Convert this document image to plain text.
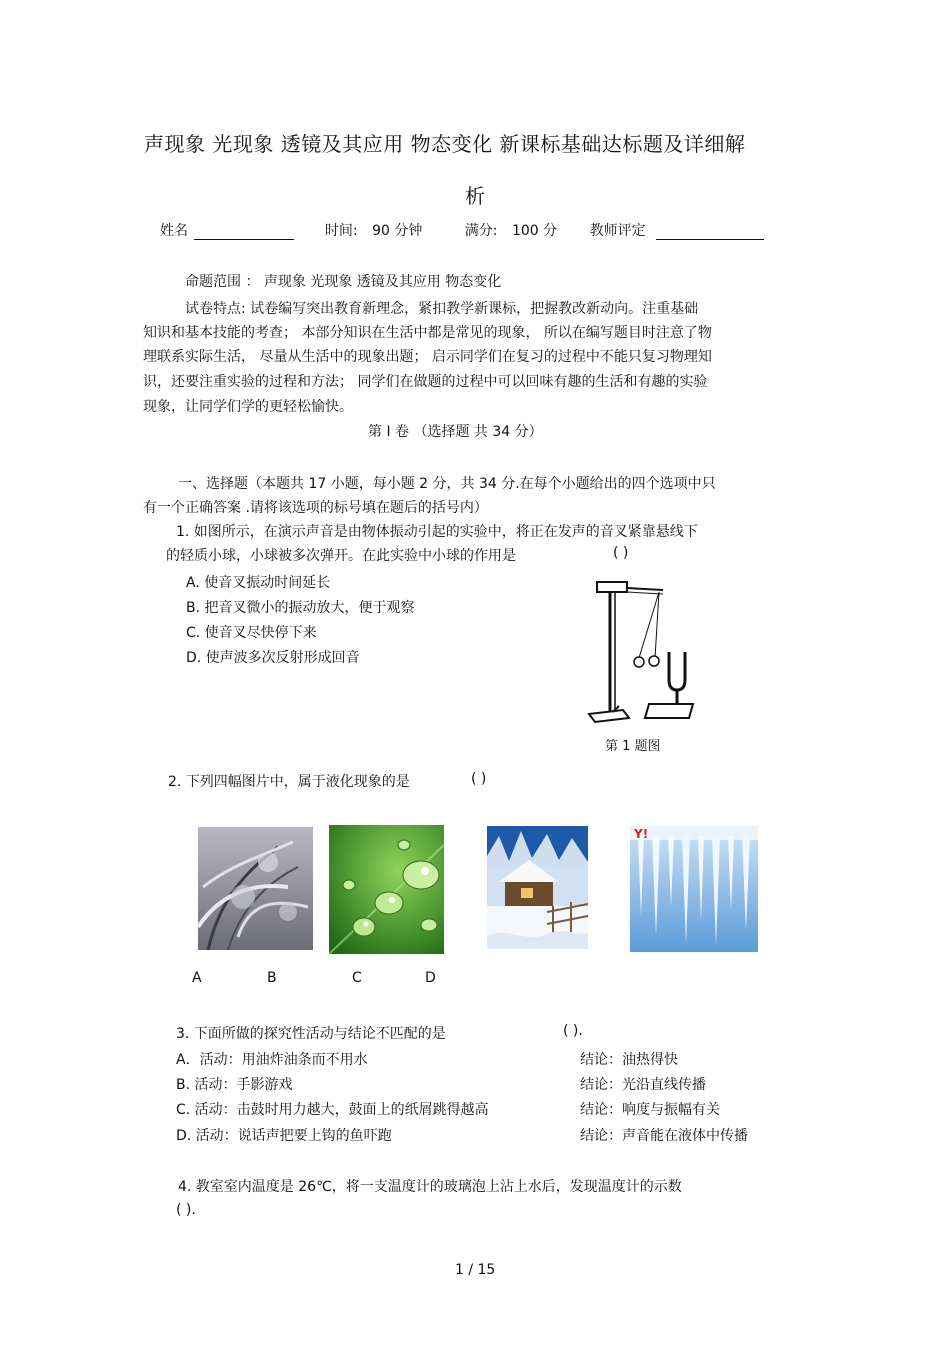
声现象 光现象 透镜及其应用 物态变化 新课标基础达标题及详细解
析
姓名	时间: 90 分钟	满分: 100 分 教师评定
命题范围 ： 声现象 光现象 透镜及其应用 物态变化
试卷特点: 试卷编写突出教育新理念，紧扣教学新课标，把握教改新动向。注重基础
知识和基本技能的考查； 本部分知识在生活中都是常见的现象， 所以在编写题目时注意了物
理联系实际生活， 尽量从生活中的现象出题； 启示同学们在复习的过程中不能只复习物理知
识，还要注重实验的过程和方法； 同学们在做题的过程中可以回味有趣的生活和有趣的实验
现象，让同学们学的更轻松愉快。
第 I 卷 （选择题 共 34 分）
一、选择题（本题共 17 小题，每小题 2 分，共 34 分.在每个小题给出的四个选项中只
有一个正确答案 .请将该选项的标号填在题后的括号内）
1. 如图所示，在演示声音是由物体振动引起的实验中，将正在发声的音叉紧靠悬线下
的轻质小球，小球被多次弹开。在此实验中小球的作用是	( )
A. 使音叉振动时间延长
B. 把音叉微小的振动放大，便于观察
C. 使音叉尽快停下来
D. 使声波多次反射形成回音
第 1 题图
2. 下列四幅图片中，属于液化现象的是	( )
Y!
A	B	C	D
3. 下面所做的探究性活动与结论不匹配的是	( ).
A．活动：用油炸油条而不用水	结论：油热得快
B. 活动：手影游戏	结论：光沿直线传播
C. 活动：击鼓时用力越大，鼓面上的纸屑跳得越高	结论：响度与振幅有关
D. 活动：说话声把要上钩的鱼吓跑	结论：声音能在液体中传播
4. 教室室内温度是 26℃，将一支温度计的玻璃泡上沾上水后，发现温度计的示数
( ).
1 / 15
